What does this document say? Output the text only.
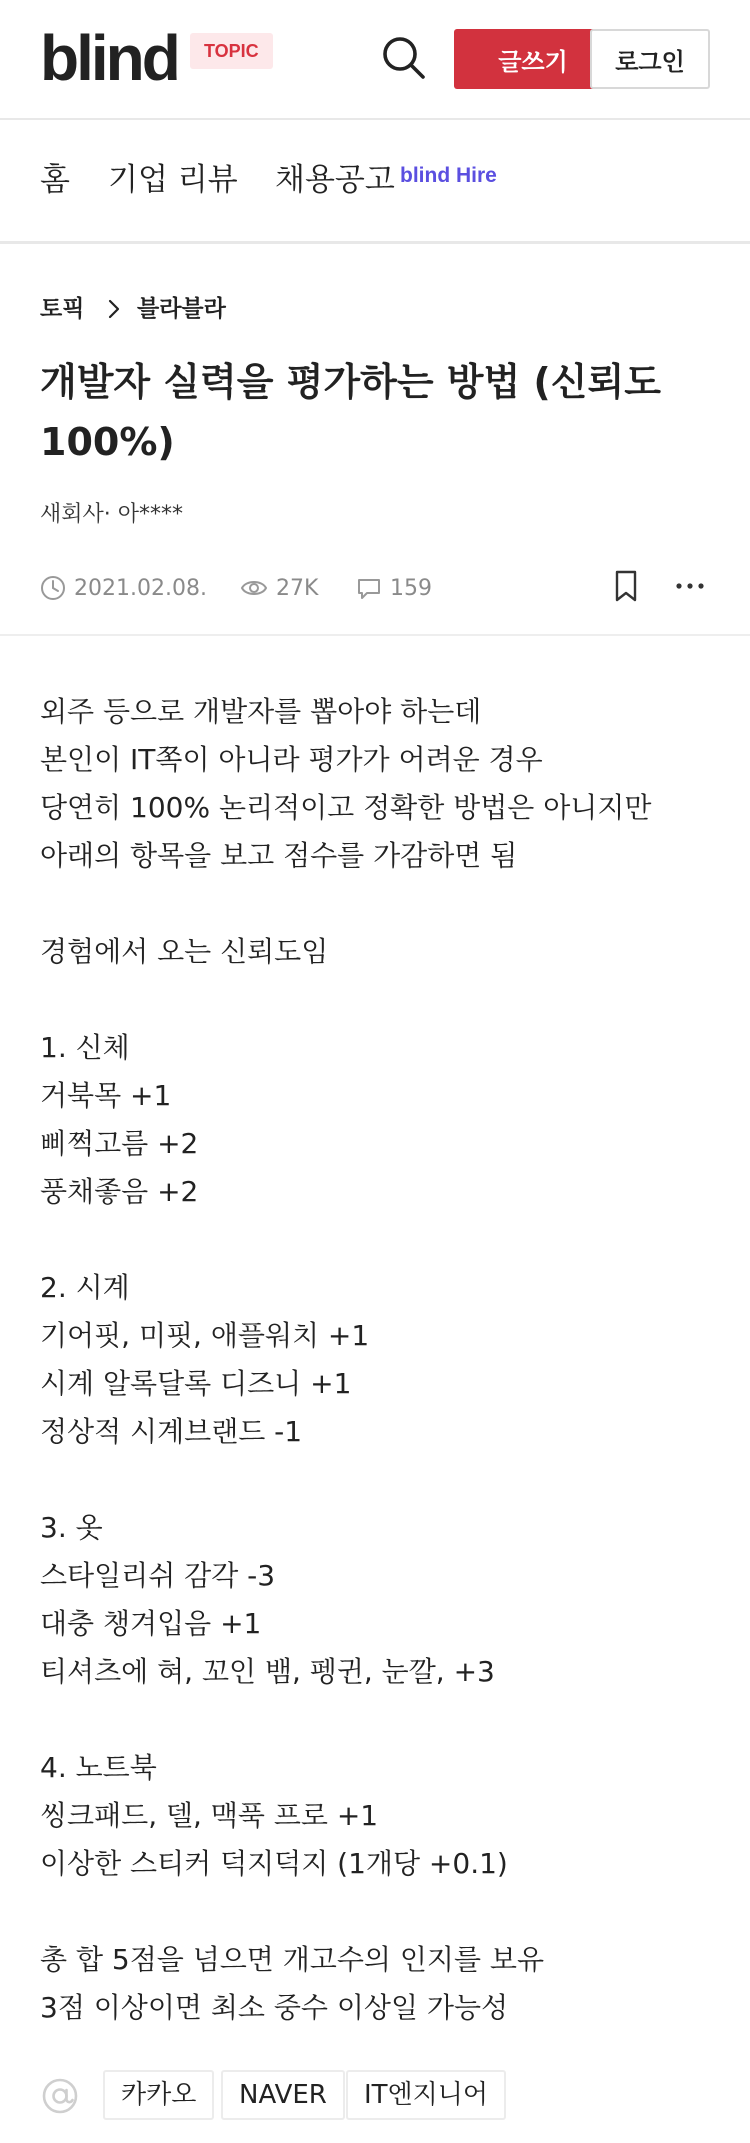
blind	TOPIC	글쓰기	로그인
홈 기업 리뷰 채용공고 blind Hire
토픽 블라블라
개발자 실력을 평가하는 방법 (신뢰도 100%)
새회사· 아****
2021.02.08.	27K	159
외주 등으로 개발자를 뽑아야 하는데
본인이 IT쪽이 아니라 평가가 어려운 경우
당연히 100% 논리적이고 정확한 방법은 아니지만
아래의 항목을 보고 점수를 가감하면 됨
경험에서 오는 신뢰도임
1. 신체
거북목 +1
삐쩍고름 +2
풍채좋음 +2
2. 시계
기어핏, 미핏, 애플워치 +1
시계 알록달록 디즈니 +1
정상적 시계브랜드 -1
3. 옷
스타일리쉬 감각 -3
대충 챙겨입음 +1
티셔츠에 혀, 꼬인 뱀, 펭귄, 눈깔, +3
4. 노트북
씽크패드, 델, 맥푹 프로 +1
이상한 스티커 덕지덕지 (1개당 +0.1)
총 합 5점을 넘으면 개고수의 인지를 보유
3점 이상이면 최소 중수 이상일 가능성
카카오	NAVER	IT엔지니어
